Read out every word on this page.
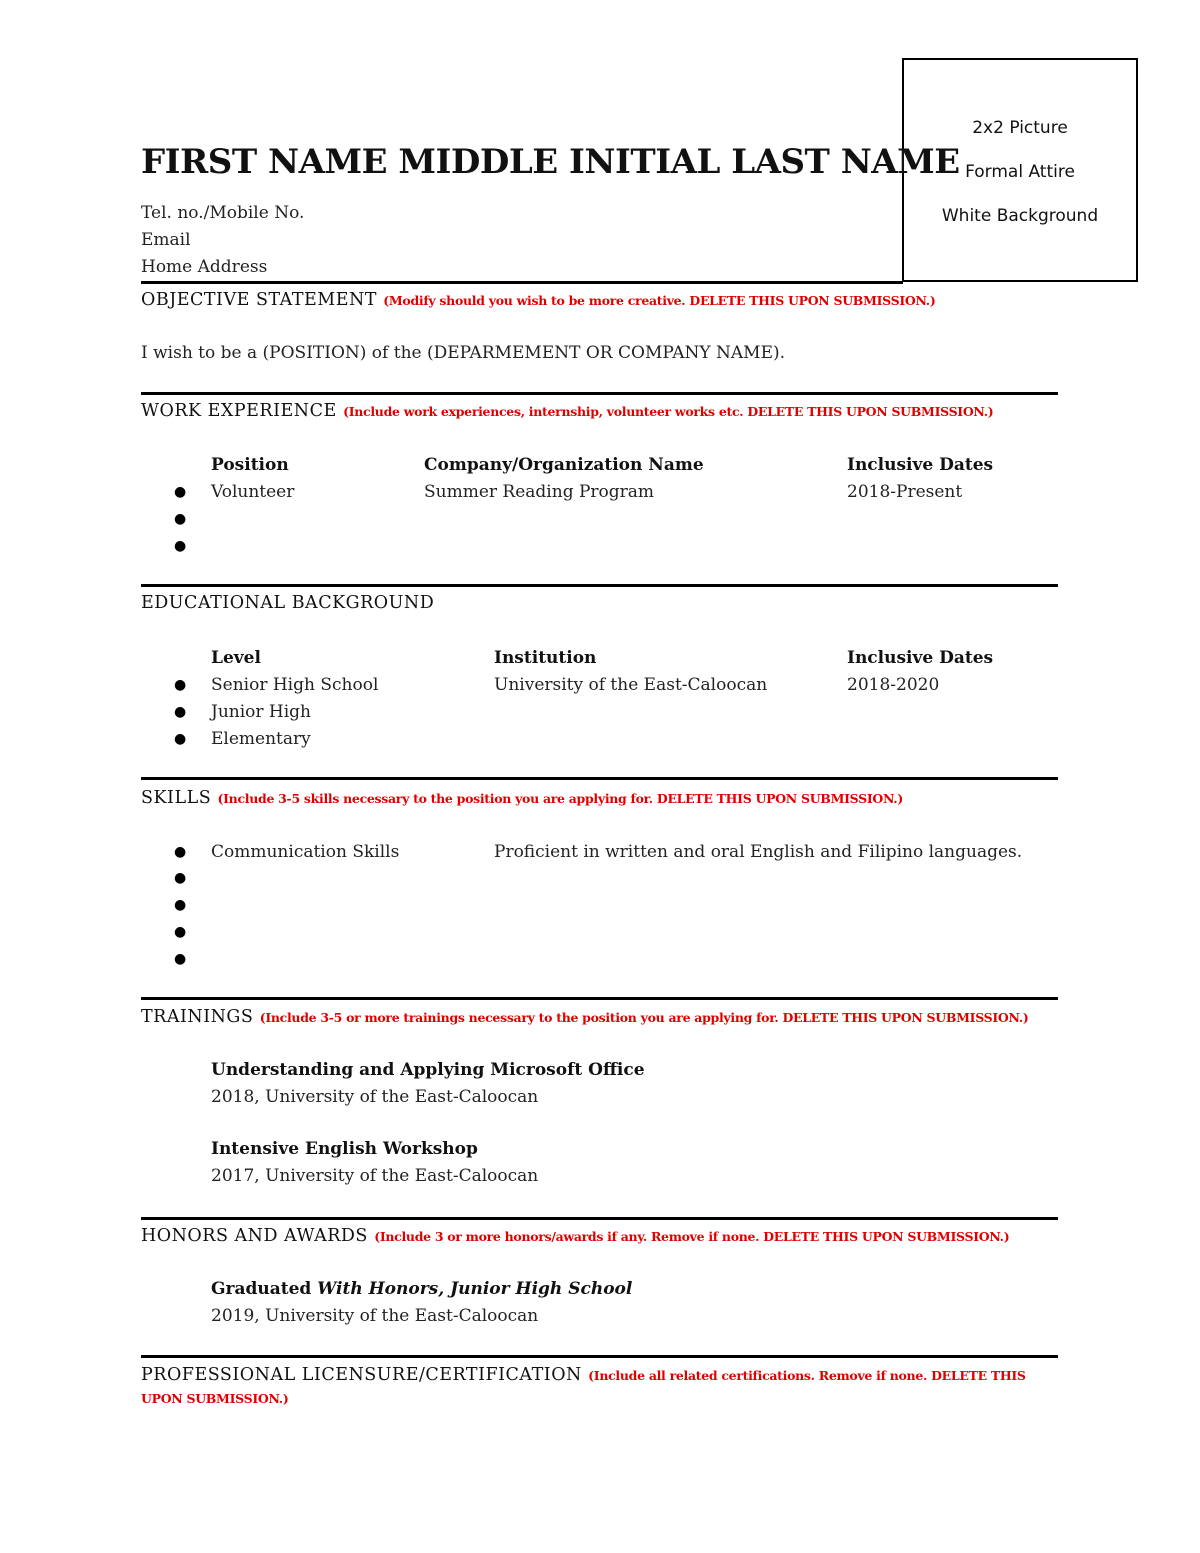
2x2 Picture
Formal Attire
White Background
FIRST NAME MIDDLE INITIAL LAST NAME
Tel. no./Mobile No.
Email
Home Address
OBJECTIVE STATEMENT (Modify should you wish to be more creative. DELETE THIS UPON SUBMISSION.)
I wish to be a (POSITION) of the (DEPARMEMENT OR COMPANY NAME).
WORK EXPERIENCE (Include work experiences, internship, volunteer works etc. DELETE THIS UPON SUBMISSION.)
Position	Company/Organization Name	Inclusive Dates
● Volunteer	Summer Reading Program	2018-Present
●
●
EDUCATIONAL BACKGROUND
Level	Institution	Inclusive Dates
● Senior High School	University of the East-Caloocan	2018-2020
● Junior High
● Elementary
SKILLS (Include 3-5 skills necessary to the position you are applying for. DELETE THIS UPON SUBMISSION.)
● Communication Skills	Proficient in written and oral English and Filipino languages.
●
●
●
●
TRAININGS (Include 3-5 or more trainings necessary to the position you are applying for. DELETE THIS UPON SUBMISSION.)
Understanding and Applying Microsoft Office
2018, University of the East-Caloocan
Intensive English Workshop
2017, University of the East-Caloocan
HONORS AND AWARDS (Include 3 or more honors/awards if any. Remove if none. DELETE THIS UPON SUBMISSION.)
Graduated With Honors, Junior High School
2019, University of the East-Caloocan
PROFESSIONAL LICENSURE/CERTIFICATION (Include all related certifications. Remove if none. DELETE THIS UPON SUBMISSION.)
